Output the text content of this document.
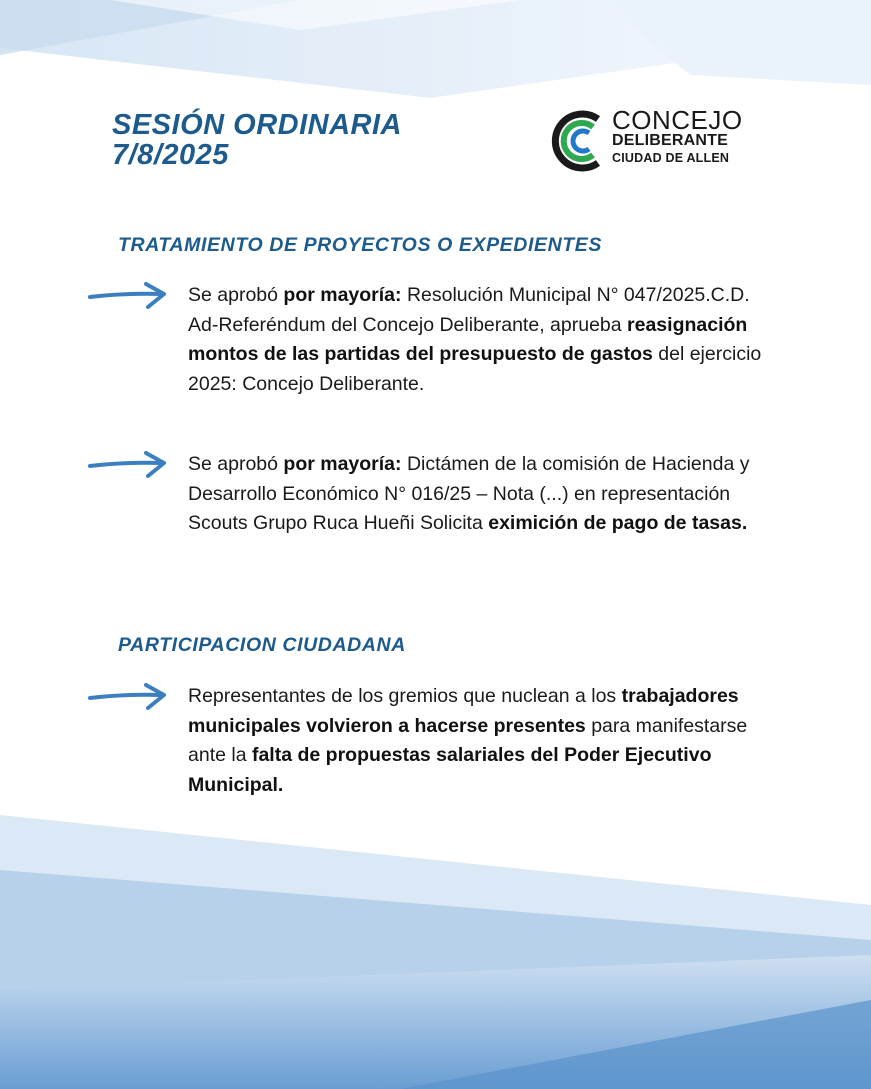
SESIÓN ORDINARIA
7/8/2025
CONCEJO
DELIBERANTE
CIUDAD DE ALLEN
TRATAMIENTO DE PROYECTOS O EXPEDIENTES
Se aprobó por mayoría: Resolución Municipal N° 047/2025.C.D. Ad-Referéndum del Concejo Deliberante, aprueba reasignación montos de las partidas del presupuesto de gastos del ejercicio 2025: Concejo Deliberante.
Se aprobó por mayoría: Dictámen de la comisión de Hacienda y Desarrollo Económico N° 016/25 – Nota (...) en representación Scouts Grupo Ruca Hueñi Solicita eximición de pago de tasas.
PARTICIPACION CIUDADANA
Representantes de los gremios que nuclean a los trabajadores municipales volvieron a hacerse presentes para manifestarse ante la falta de propuestas salariales del Poder Ejecutivo Municipal.
